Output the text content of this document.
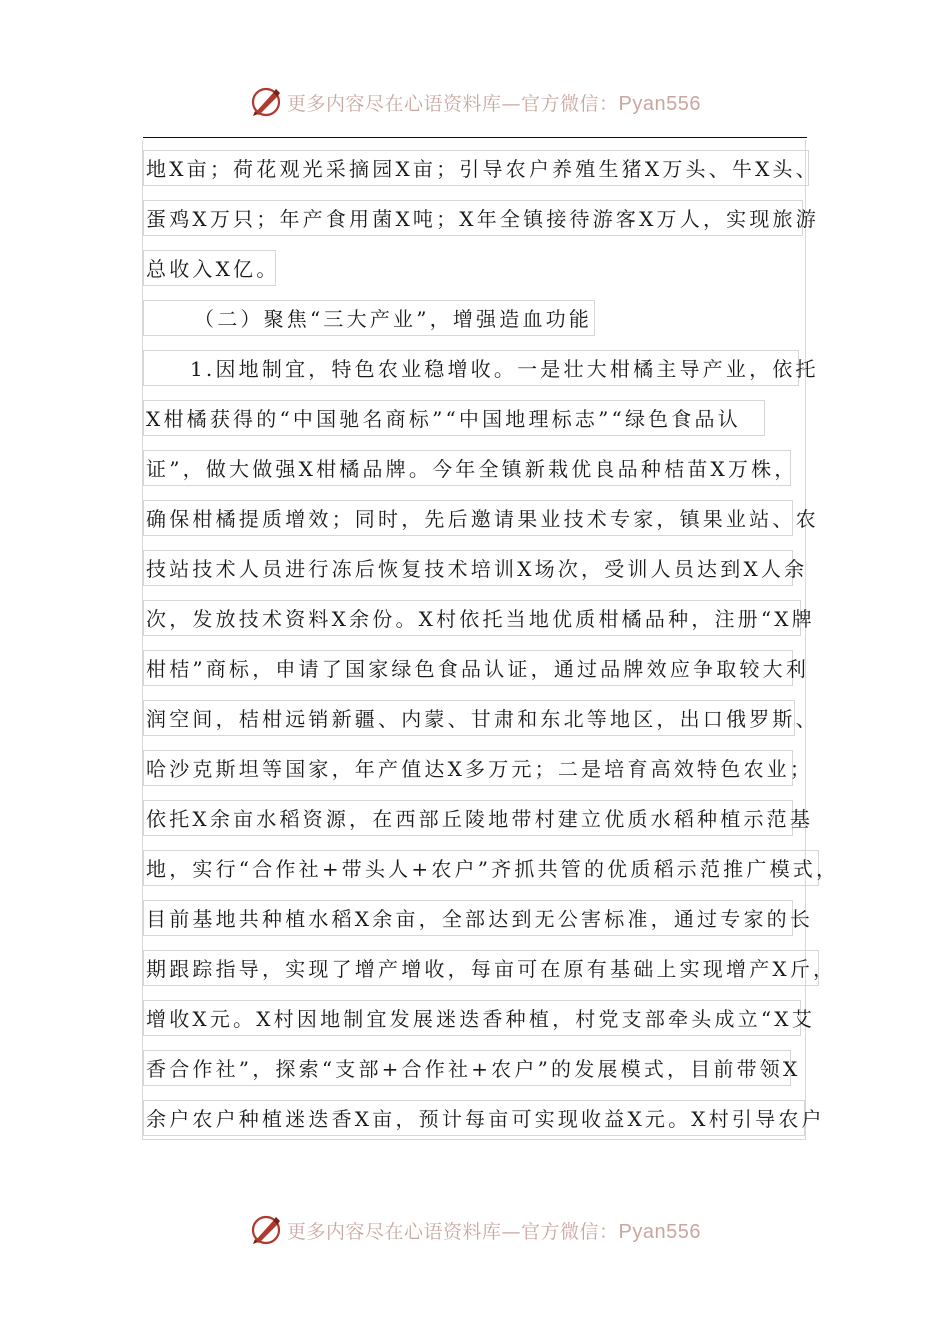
更多内容尽在心语资料库—官方微信：Pyan556
地X亩；荷花观光采摘园X亩；引导农户养殖生猪X万头、牛X头、
蛋鸡X万只；年产食用菌X吨；X年全镇接待游客X万人，实现旅游
总收入X亿。
（二）聚焦“三大产业”，增强造血功能
1.因地制宜，特色农业稳增收。一是壮大柑橘主导产业，依托
X柑橘获得的“中国驰名商标”“中国地理标志”“绿色食品认
证”，做大做强X柑橘品牌。今年全镇新栽优良品种桔苗X万株，
确保柑橘提质增效；同时，先后邀请果业技术专家，镇果业站、农
技站技术人员进行冻后恢复技术培训X场次，受训人员达到X人余
次，发放技术资料X余份。X村依托当地优质柑橘品种，注册“X牌
柑桔”商标，申请了国家绿色食品认证，通过品牌效应争取较大利
润空间，桔柑远销新疆、内蒙、甘肃和东北等地区，出口俄罗斯、
哈沙克斯坦等国家，年产值达X多万元；二是培育高效特色农业；
依托X余亩水稻资源，在西部丘陵地带村建立优质水稻种植示范基
地，实行“合作社+带头人+农户”齐抓共管的优质稻示范推广模式，
目前基地共种植水稻X余亩，全部达到无公害标准，通过专家的长
期跟踪指导，实现了增产增收，每亩可在原有基础上实现增产X斤，
增收X元。X村因地制宜发展迷迭香种植，村党支部牵头成立“X艾
香合作社”，探索“支部+合作社+农户”的发展模式，目前带领X
余户农户种植迷迭香X亩，预计每亩可实现收益X元。X村引导农户
更多内容尽在心语资料库—官方微信：Pyan556
